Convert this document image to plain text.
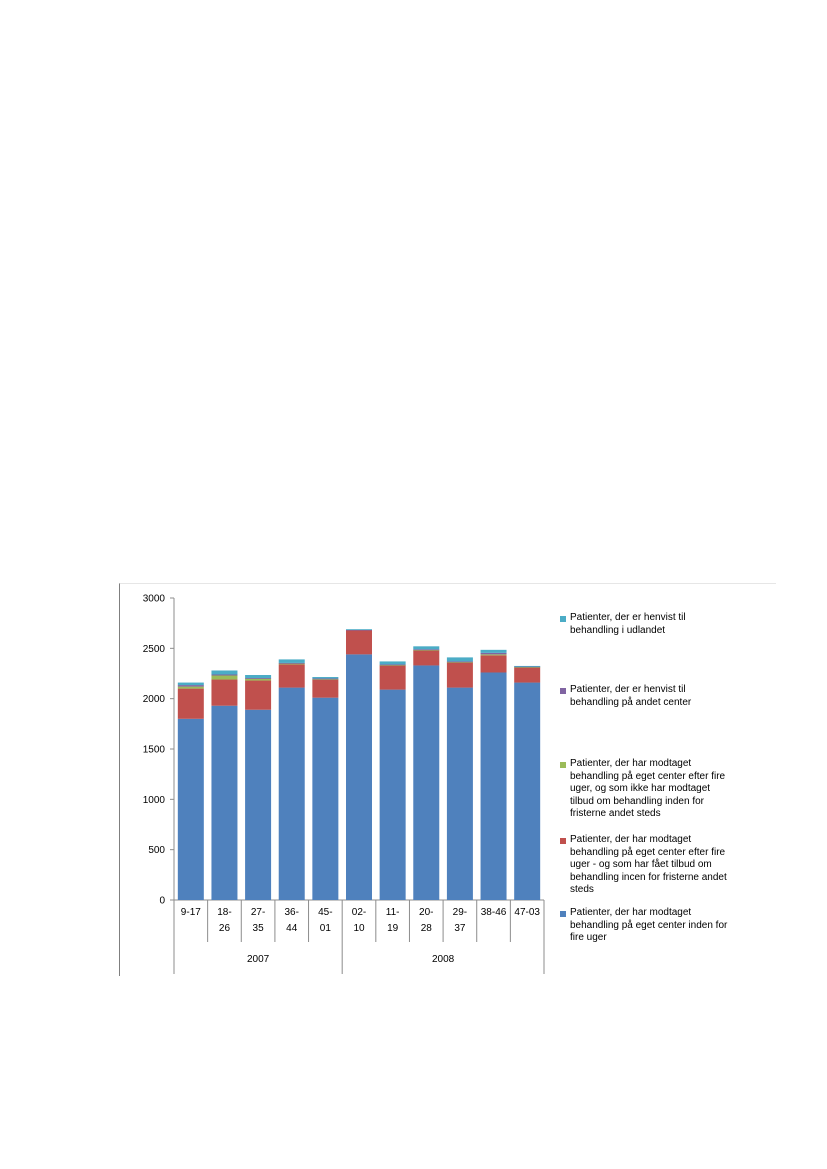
0
500
1000
1500
2000
2500
3000
9-17 18-
26
27-
35
36-
44
45-
01
02-
10
11-
19
20-
28
29-
37
38-46 47-03
2007	2008
Patienter, der er henvist til
behandling i udlandet
Patienter, der er henvist til
behandling på andet center
Patienter, der har modtaget
behandling på eget center efter fire
uger, og som ikke har modtaget
tilbud om behandling inden for
fristerne andet steds
Patienter, der har modtaget
behandling på eget center efter fire
uger - og som har fået tilbud om
behandling incen for fristerne andet
steds
Patienter, der har modtaget
behandling på eget center inden for
fire uger
